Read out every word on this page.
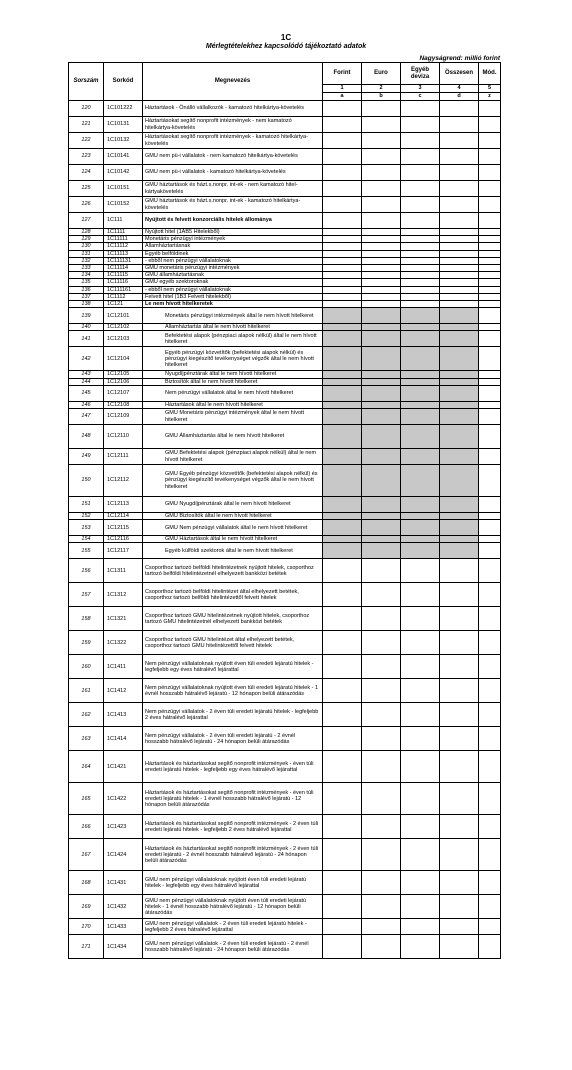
1C
Mérlegtételekhez kapcsolódó tájékoztató adatok
Nagyságrend: millió forint
Sorszám	Sorkód	Megnevezés	Forint	Euro	Egyéb deviza	Összesen	Mód.
			1	2	3	4	5
			a	b	c	d	z
120	1C101222	Háztartások - Önálló vállalkozók - kamatozó hitelkártya-követelés					
121	1C10131	Háztartásokat segítő nonprofit intézmények - nem kamatozó hitelkártya-követelés					
122	1C10132	Háztartásokat segítő nonprofit intézmények - kamatozó hitelkártya-követelés					
123	1C10141	GMU nem pü-i vállalatok - nem kamatozó hitelkártya-követelés					
124	1C10142	GMU nem pü-i vállalatok - kamatozó hitelkártya-követelés					
125	1C10151	GMU háztartások és házt.s.nonpr. int-ek - nem kamatozó hitel-kártyakövetelés					
126	1C10152	GMU háztartások és házt.s.nonpr. int-ek - kamatozó hitelkártya-követelés					
127	1C111	Nyújtott és felvett konzorciális hitelek állománya					
128	1C1111	Nyújtott hitel (1AB5 Hitelekből)					
129	1C11111	Monetáris pénzügyi intézmények					
130	1C11112	Államháztartásnak					
131	1C11113	Egyéb belföldinek					
132	1C111131	- ebből nem pénzügyi vállalatoknak					
133	1C11114	GMU monetáris pénzügyi intézmények					
134	1C11115	GMU államháztartásnak					
135	1C11116	GMU egyéb szektoroknak					
136	1C111161	- ebből nem pénzügyi vállalatoknak					
137	1C1112	Felvett hitel (1B3 Felvett hitelekből)					
138	1C121	Le nem hívott hitelkeretek					
139	1C12101	Monetáris pénzügyi intézmények által le nem hívott hitelkeret					
140	1C12102	Államháztartás által le nem hívott hitelkeret					
141	1C12103	Befektetési alapok (pénzpiaci alapok nélkül) által le nem hívott hitelkeret					
142	1C12104	Egyéb pénzügyi közvetítők (befektetési alapok nélkül) és pénzügyi kiegészítő tevékenységet végzők által le nem hívott hitelkeret					
143	1C12105	Nyugdíjpénztárak által le nem hívott hitelkeret					
144	1C12106	Biztosítók által le nem hívott hitelkeret					
145	1C12107	Nem pénzügyi vállalatok által le nem hívott hitelkeret					
146	1C12108	Háztartások által le nem hívott hitelkeret					
147	1C12109	GMU Monetáris pénzügyi intézmények által le nem hívott hitelkeret					
148	1C12110	GMU Államháztartás által le nem hívott hitelkeret					
149	1C12111	GMU Befektetési alapok (pénzpiaci alapok nélkül) által le nem hívott hitelkeret					
150	1C12112	GMU Egyéb pénzügyi közvetítők (befektetési alapok nélkül) és pénzügyi kiegészítő tevékenységet végzők által le nem hívott hitelkeret					
151	1C12113	GMU Nyugdíjpénztárak által le nem hívott hitelkeret					
152	1C12114	GMU Biztosítók által le nem hívott hitelkeret					
153	1C12115	GMU Nem pénzügyi vállalatok által le nem hívott hitelkeret					
154	1C12116	GMU Háztartások által le nem hívott hitelkeret					
155	1C12117	Egyéb külföldi szektorok által le nem hívott hitelkeret					
156	1C1311	Csoporthoz tartozó belföldi hitelintézetnek nyújtott hitelek, csoporthoz tartozó belföldi hitelintézetnél elhelyezett bankközi betétek					
157	1C1312	Csoporthoz tartozó belföldi hitelintézet által elhelyezett betétek, csoporthoz tartozó belföldi hitelintézettől felvett hitelek					
158	1C1321	Csoporthoz tartozó GMU hitelintézetnek nyújtott hitelek, csoporthoz tartozó GMU hitelintézetnél elhelyezett bankközi betétek					
159	1C1322	Csoporthoz tartozó GMU hitelintézet által elhelyezett betétek, csoporthoz tartozó GMU hitelintézettől felvett hitelek					
160	1C1411	Nem pénzügyi vállalatoknak nyújtott éven túli eredeti lejáratú hitelek - legfeljebb egy éves hátralévő lejárattal					
161	1C1412	Nem pénzügyi vállalatoknak nyújtott éven túli eredeti lejáratú hitelek - 1 évnél hosszabb hátralévő lejáratú - 12 hónapon belüli átárazódás					
162	1C1413	Nem pénzügyi vállalatok - 2 éven túli eredeti lejáratú hitelek - legfeljebb 2 éves hátralévő lejárattal					
163	1C1414	Nem pénzügyi vállalatok - 2 éven túli eredeti lejáratú - 2 évnél hosszabb hátralévő lejáratú - 24 hónapon belüli átárazódás					
164	1C1421	Háztartások és háztartásokat segítő nonprofit intézmények - éven túli eredeti lejáratú hitelek - legfeljebb egy éves hátralévő lejárattal					
165	1C1422	Háztartások és háztartásokat segítő nonprofit intézmények - éven túli eredeti lejáratú hitelek - 1 évnél hosszabb hátralévő lejáratú - 12 hónapon belüli átárazódás					
166	1C1423	Háztartások és háztartásokat segítő nonprofit intézmények - 2 éven túli eredeti lejáratú hitelek - legfeljebb 2 éves hátralévő lejárattal					
167	1C1424	Háztartások és háztartásokat segítő nonprofit intézmények - 2 éven túli eredeti lejáratú - 2 évnél hosszabb hátralévő lejáratú - 24 hónapon belüli átárazódás					
168	1C1431	GMU nem pénzügyi vállalatoknak nyújtott éven túli eredeti lejáratú hitelek - legfeljebb egy éves hátralévő lejárattal					
169	1C1432	GMU nem pénzügyi vállalatoknak nyújtott éven túli eredeti lejáratú hitelek - 1 évnél hosszabb hátralévő lejáratú - 12 hónapon belüli átárazódás					
170	1C1433	GMU nem pénzügyi vállalatok - 2 éven túli eredeti lejáratú hitelek - legfeljebb 2 éves hátralévő lejárattal					
171	1C1434	GMU nem pénzügyi vállalatok - 2 éven túli eredeti lejáratú - 2 évnél hosszabb hátralévő lejáratú - 24 hónapon belüli átárazódás					
